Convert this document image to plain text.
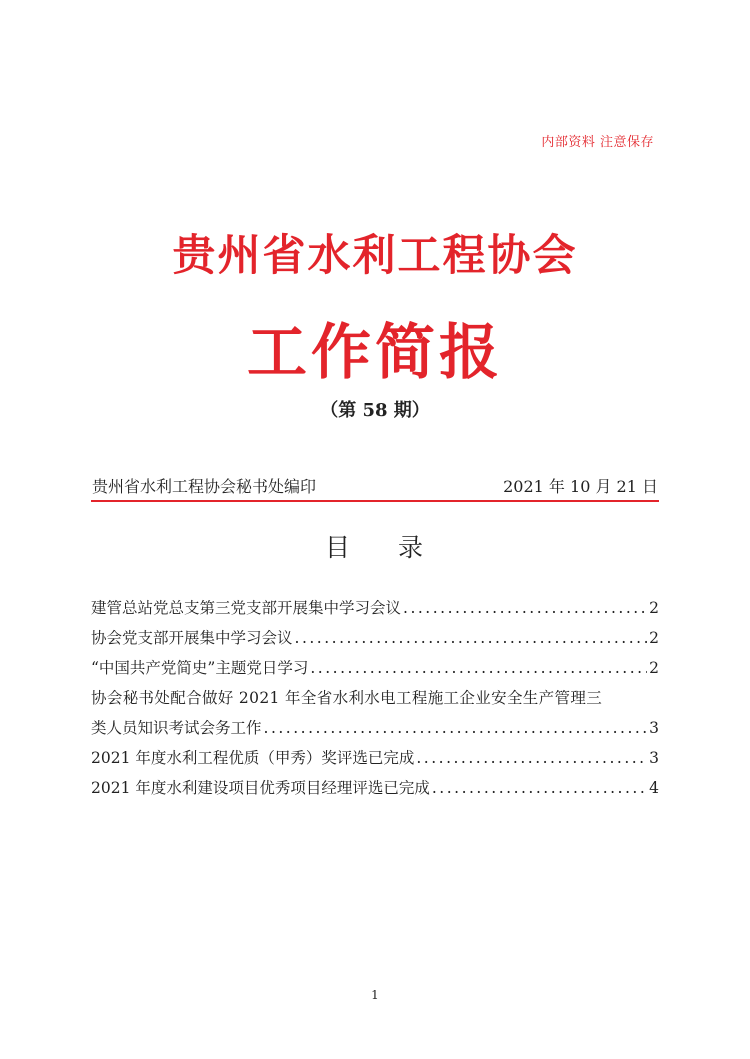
内部资料 注意保存
贵州省水利工程协会
工作简报
（第 58 期）
贵州省水利工程协会秘书处编印	2021 年 10 月 21 日
目 录
建管总站党总支第三党支部开展集中学习会议 .....	2
协会党支部开展集中学习会议 .....	2
“中国共产党简史”主题党日学习 .....	2
协会秘书处配合做好 2021 年全省水利水电工程施工企业安全生产管理三
类人员知识考试会务工作 .....	3
2021 年度水利工程优质（甲秀）奖评选已完成 .....	3
2021 年度水利建设项目优秀项目经理评选已完成 .....	4
1
